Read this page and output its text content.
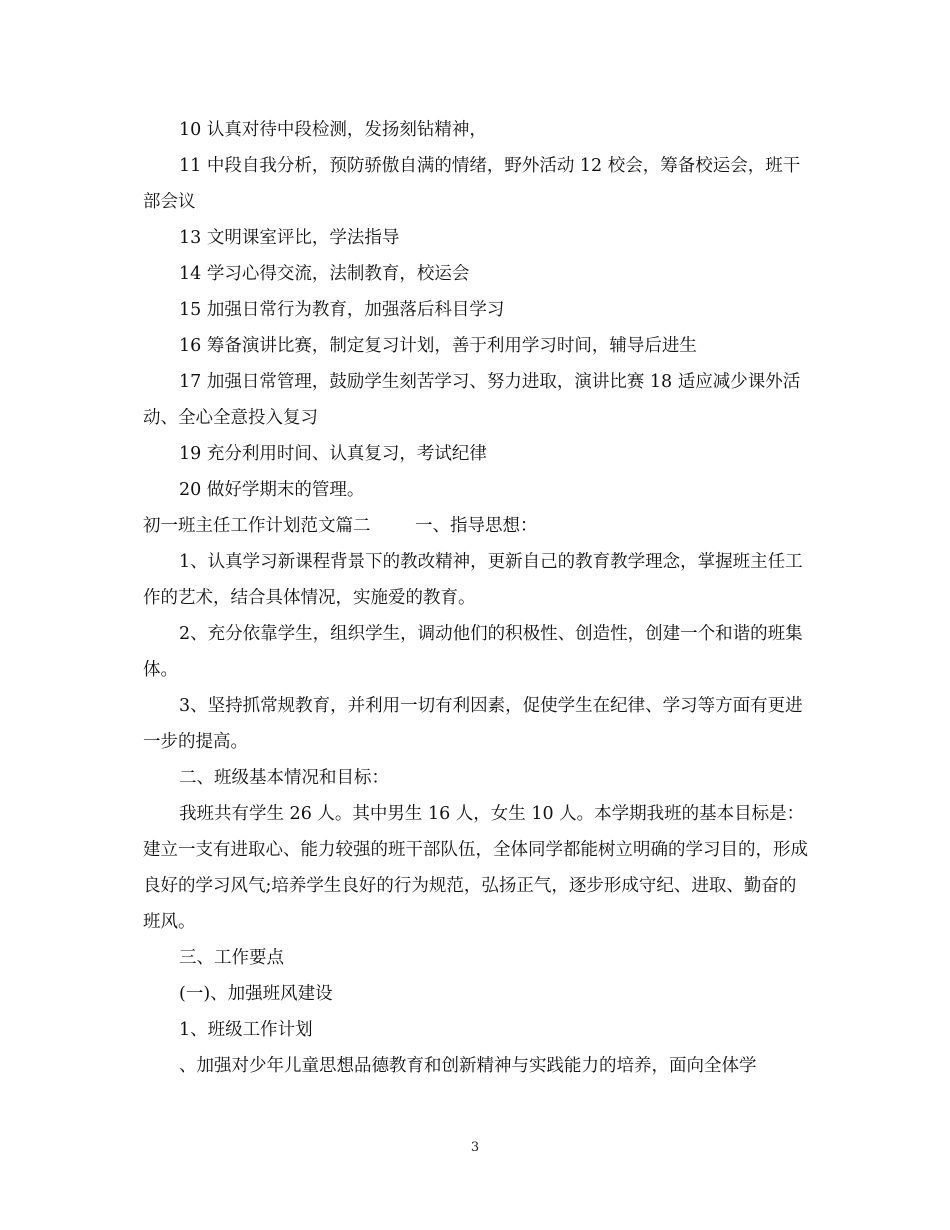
10 认真对待中段检测，发扬刻钻精神，

11 中段自我分析，预防骄傲自满的情绪，野外活动 12 校会，筹备校运会，班干部会议

13 文明课室评比，学法指导

14 学习心得交流，法制教育，校运会

15 加强日常行为教育，加强落后科目学习

16 筹备演讲比赛，制定复习计划，善于利用学习时间，辅导后进生

17 加强日常管理，鼓励学生刻苦学习、努力进取，演讲比赛 18 适应减少课外活动、全心全意投入复习

19 充分利用时间、认真复习，考试纪律

20 做好学期末的管理。

初一班主任工作计划范文篇二        一、指导思想：

1、认真学习新课程背景下的教改精神，更新自己的教育教学理念，掌握班主任工作的艺术，结合具体情况，实施爱的教育。

2、充分依靠学生，组织学生，调动他们的积极性、创造性，创建一个和谐的班集体。

3、坚持抓常规教育，并利用一切有利因素，促使学生在纪律、学习等方面有更进一步的提高。

二、班级基本情况和目标：

我班共有学生 26 人。其中男生 16 人，女生 10 人。本学期我班的基本目标是：建立一支有进取心、能力较强的班干部队伍，全体同学都能树立明确的学习目的，形成良好的学习风气;培养学生良好的行为规范，弘扬正气，逐步形成守纪、进取、勤奋的班风。

三、工作要点

(一)、加强班风建设

1、班级工作计划

、加强对少年儿童思想品德教育和创新精神与实践能力的培养，面向全体学

3
